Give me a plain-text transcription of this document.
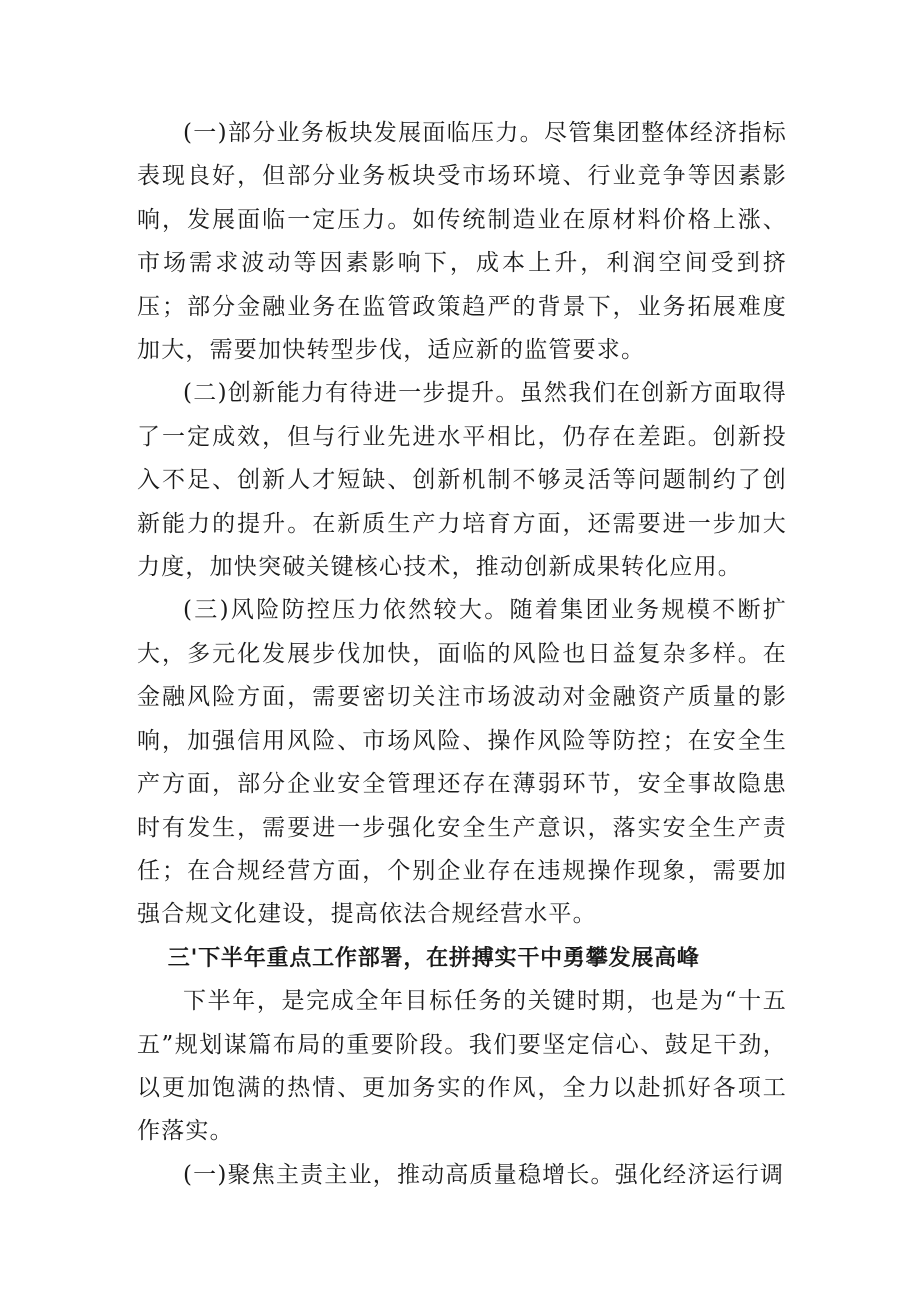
(一)部分业务板块发展面临压力。尽管集团整体经济指标表现良好，但部分业务板块受市场环境、行业竞争等因素影响，发展面临一定压力。如传统制造业在原材料价格上涨、市场需求波动等因素影响下，成本上升，利润空间受到挤压；部分金融业务在监管政策趋严的背景下，业务拓展难度加大，需要加快转型步伐，适应新的监管要求。

(二)创新能力有待进一步提升。虽然我们在创新方面取得了一定成效，但与行业先进水平相比，仍存在差距。创新投入不足、创新人才短缺、创新机制不够灵活等问题制约了创新能力的提升。在新质生产力培育方面，还需要进一步加大力度，加快突破关键核心技术，推动创新成果转化应用。

(三)风险防控压力依然较大。随着集团业务规模不断扩大，多元化发展步伐加快，面临的风险也日益复杂多样。在金融风险方面，需要密切关注市场波动对金融资产质量的影响，加强信用风险、市场风险、操作风险等防控；在安全生产方面，部分企业安全管理还存在薄弱环节，安全事故隐患时有发生，需要进一步强化安全生产意识，落实安全生产责任；在合规经营方面，个别企业存在违规操作现象，需要加强合规文化建设，提高依法合规经营水平。

三'下半年重点工作部署，在拼搏实干中勇攀发展高峰

下半年，是完成全年目标任务的关键时期，也是为“十五五”规划谋篇布局的重要阶段。我们要坚定信心、鼓足干劲，以更加饱满的热情、更加务实的作风，全力以赴抓好各项工作落实。

(一)聚焦主责主业，推动高质量稳增长。强化经济运行调
